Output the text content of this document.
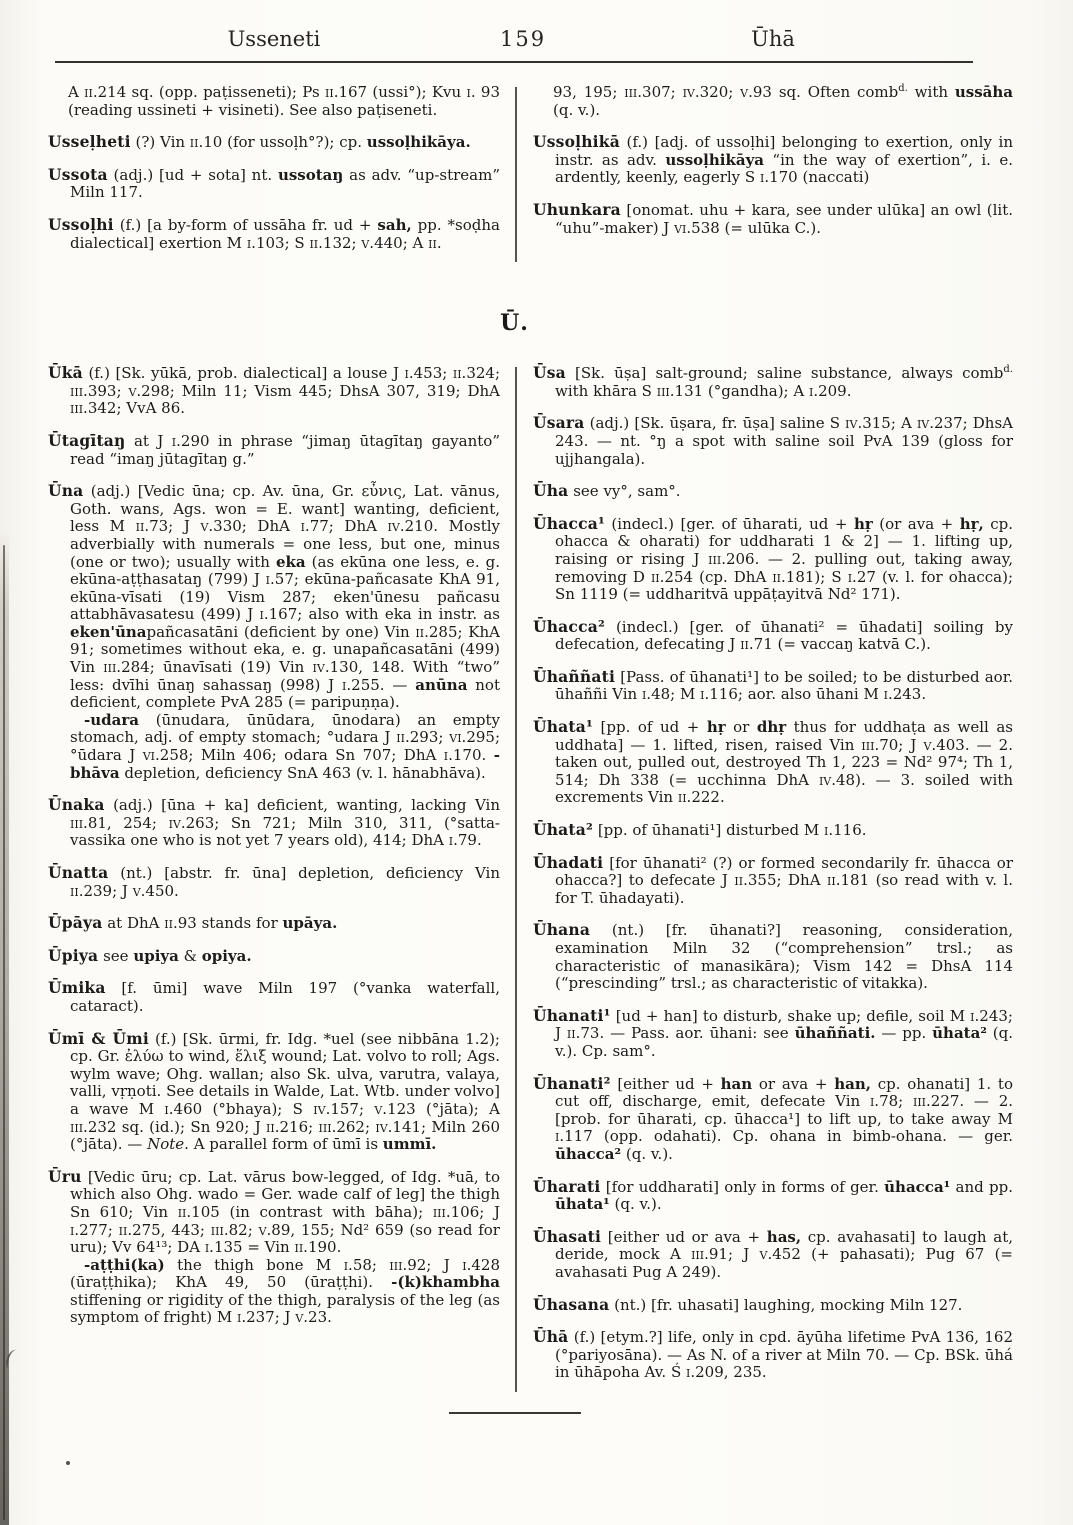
Usseneti	159	Ūhā

A ii.214 sq. (opp. paṭisseneti); Ps ii.167 (ussi°); Kvu i. 93 (reading ussineti + visineti). See also paṭiseneti.

Usseḷheti (?) Vin ii.10 (for ussoḷh°?); cp. ussoḷhikāya.

Ussota (adj.) [ud + sota] nt. ussotaŋ as adv. “up-stream” Miln 117.

Ussoḷhi (f.) [a by-form of ussāha fr. ud + sah, pp. *soḍha dialectical] exertion M i.103; S ii.132; v.440; A ii.

93, 195; iii.307; iv.320; v.93 sq. Often comb$^{d.}$ with ussāha (q. v.).

Ussoḷhikā (f.) [adj. of ussoḷhi] belonging to exertion, only in instr. as adv. ussoḷhikāya “in the way of exertion”, i. e. ardently, keenly, eagerly S i.170 (naccati)

Uhunkara [onomat. uhu + kara, see under ulūka] an owl (lit. “uhu”-maker) J vi.538 (= ulūka C.).

Ū.

Ūkā (f.) [Sk. yūkā, prob. dialectical] a louse J i.453; ii.324; iii.393; v.298; Miln 11; Vism 445; DhsA 307, 319; DhA iii.342; VvA 86.

Ūtagītaŋ at J i.290 in phrase “jimaŋ ūtagītaŋ gayanto” read “imaŋ jūtagītaŋ g.”

Ūna (adj.) [Vedic ūna; cp. Av. ūna, Gr. εὖνις, Lat. vānus, Goth. wans, Ags. won = E. want] wanting, deficient, less M ii.73; J v.330; DhA i.77; DhA iv.210. Mostly adverbially with numerals = one less, but one, minus (one or two); usually with eka (as ekūna one less, e. g. ekūna-aṭṭhasataŋ (799) J i.57; ekūna-pañcasate KhA 91, ekūna-vīsati (19) Vism 287; eken'ūnesu pañcasu attabhāvasatesu (499) J i.167; also with eka in instr. as eken'ūnapañcasatāni (deficient by one) Vin ii.285; KhA 91; sometimes without eka, e. g. unapañcasatāni (499) Vin iii.284; ūnavīsati (19) Vin iv.130, 148. With “two” less: dvīhi ūnaŋ sahassaŋ (998) J i.255. — anūna not deficient, complete PvA 285 (= paripuṇṇa).

-udara (ūnudara, ūnūdara, ūnodara) an empty stomach, adj. of empty stomach; °udara J ii.293; vi.295; °ūdara J vi.258; Miln 406; odara Sn 707; DhA i.170. -bhāva depletion, deficiency SnA 463 (v. l. hānabhāva).

Ūnaka (adj.) [ūna + ka] deficient, wanting, lacking Vin iii.81, 254; iv.263; Sn 721; Miln 310, 311, (°satta-vassika one who is not yet 7 years old), 414; DhA i.79.

Ūnatta (nt.) [abstr. fr. ūna] depletion, deficiency Vin ii.239; J v.450.

Ūpāya at DhA ii.93 stands for upāya.

Ūpiya see upiya & opiya.

Ūmika [f. ūmi] wave Miln 197 (°vanka waterfall, cataract).

Ūmī & Ūmi (f.) [Sk. ūrmi, fr. Idg. *uel (see nibbāna 1.2); cp. Gr. ἐλύω to wind, ἕλιξ wound; Lat. volvo to roll; Ags. wylm wave; Ohg. wallan; also Sk. ulva, varutra, valaya, valli, vṛṇoti. See details in Walde, Lat. Wtb. under volvo] a wave M i.460 (°bhaya); S iv.157; v.123 (°jāta); A iii.232 sq. (id.); Sn 920; J ii.216; iii.262; iv.141; Miln 260 (°jāta). — Note. A parallel form of ūmī is ummī.

Ūru [Vedic ūru; cp. Lat. vārus bow-legged, of Idg. *uā, to which also Ohg. wado = Ger. wade calf of leg] the thigh Sn 610; Vin ii.105 (in contrast with bāha); iii.106; J i.277; ii.275, 443; iii.82; v.89, 155; Nd² 659 (so read for uru); Vv 64¹³; DA i.135 = Vin ii.190.

-aṭṭhi(ka) the thigh bone M i.58; iii.92; J i.428 (ūraṭṭhika); KhA 49, 50 (ūraṭṭhi). -(k)khambha stiffening or rigidity of the thigh, paralysis of the leg (as symptom of fright) M i.237; J v.23.

Ūsa [Sk. ūṣa] salt-ground; saline substance, always comb$^{d.}$ with khāra S iii.131 (°gandha); A i.209.

Ūsara (adj.) [Sk. ūṣara, fr. ūṣa] saline S iv.315; A iv.237; DhsA 243. — nt. °ŋ a spot with saline soil PvA 139 (gloss for ujjhangala).

Ūha see vy°, sam°.

Ūhacca¹ (indecl.) [ger. of ūharati, ud + hṛ (or ava + hṛ, cp. ohacca & oharati) for uddharati 1 & 2] — 1. lifting up, raising or rising J iii.206. — 2. pulling out, taking away, removing D ii.254 (cp. DhA ii.181); S i.27 (v. l. for ohacca); Sn 1119 (= uddharitvā uppāṭayitvā Nd² 171).

Ūhacca² (indecl.) [ger. of ūhanati² = ūhadati] soiling by defecation, defecating J ii.71 (= vaccaŋ katvā C.).

Ūhaññati [Pass. of ūhanati¹] to be soiled; to be disturbed aor. ūhaññi Vin i.48; M i.116; aor. also ūhani M i.243.

Ūhata¹ [pp. of ud + hṛ or dhṛ thus for uddhaṭa as well as uddhata] — 1. lifted, risen, raised Vin iii.70; J v.403. — 2. taken out, pulled out, destroyed Th 1, 223 = Nd² 97⁴; Th 1, 514; Dh 338 (= ucchinna DhA iv.48). — 3. soiled with excrements Vin ii.222.

Ūhata² [pp. of ūhanati¹] disturbed M i.116.

Ūhadati [for ūhanati² (?) or formed secondarily fr. ūhacca or ohacca?] to defecate J ii.355; DhA ii.181 (so read with v. l. for T. ūhadayati).

Ūhana (nt.) [fr. ūhanati?] reasoning, consideration, examination Miln 32 (“comprehension” trsl.; as characteristic of manasikāra); Vism 142 = DhsA 114 (“prescinding” trsl.; as characteristic of vitakka).

Ūhanati¹ [ud + han] to disturb, shake up; defile, soil M i.243; J ii.73. — Pass. aor. ūhani: see ūhaññati. — pp. ūhata² (q. v.). Cp. sam°.

Ūhanati² [either ud + han or ava + han, cp. ohanati] 1. to cut off, discharge, emit, defecate Vin i.78; iii.227. — 2. [prob. for ūharati, cp. ūhacca¹] to lift up, to take away M i.117 (opp. odahati). Cp. ohana in bimb-ohana. — ger. ūhacca² (q. v.).

Ūharati [for uddharati] only in forms of ger. ūhacca¹ and pp. ūhata¹ (q. v.).

Ūhasati [either ud or ava + has, cp. avahasati] to laugh at, deride, mock A iii.91; J v.452 (+ pahasati); Pug 67 (= avahasati Pug A 249).

Ūhasana (nt.) [fr. uhasati] laughing, mocking Miln 127.

Ūhā (f.) [etym.?] life, only in cpd. āyūha lifetime PvA 136, 162 (°pariyosāna). — As N. of a river at Miln 70. — Cp. BSk. ūhá in ūhāpoha Av. Ś i.209, 235.
